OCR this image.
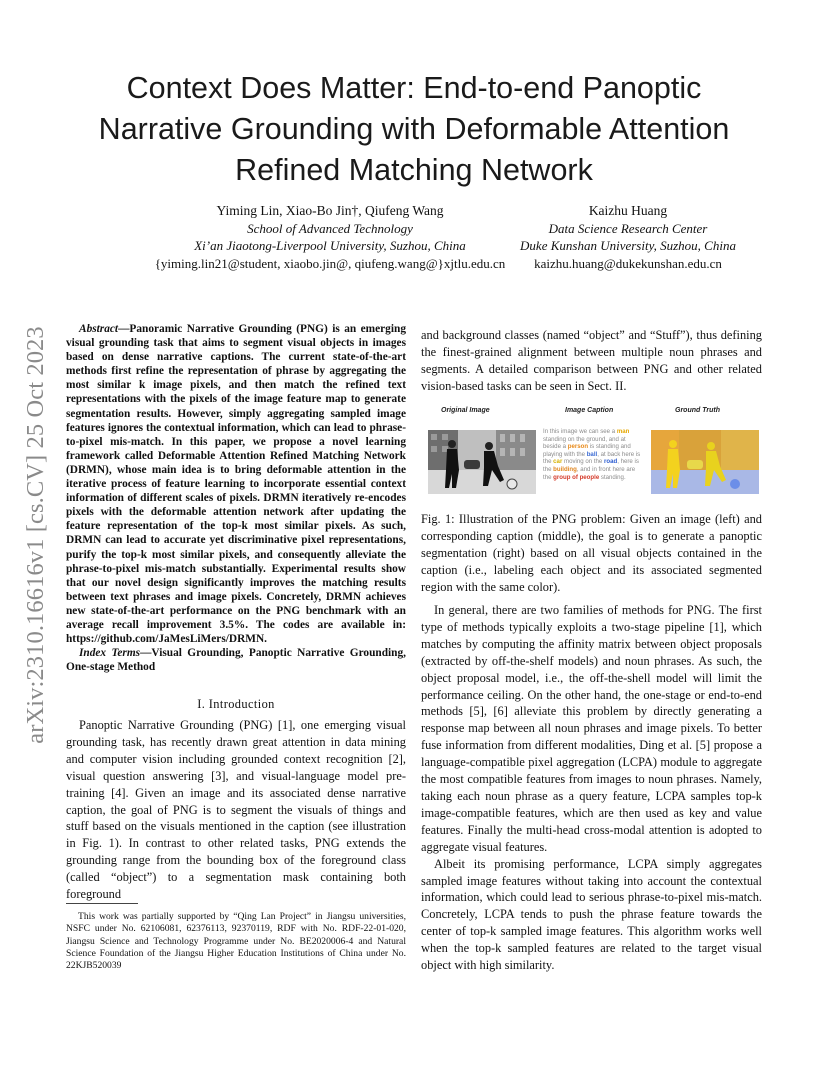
arXiv:2310.16616v1 [cs.CV] 25 Oct 2023
Context Does Matter: End-to-end Panoptic
Narrative Grounding with Deformable Attention
Refined Matching Network
Yiming Lin, Xiao-Bo Jin†, Qiufeng Wang
School of Advanced Technology
Xi’an Jiaotong-Liverpool University, Suzhou, China
{yiming.lin21@student, xiaobo.jin@, qiufeng.wang@}xjtlu.edu.cn
Kaizhu Huang
Data Science Research Center
Duke Kunshan University, Suzhou, China
kaizhu.huang@dukekunshan.edu.cn

Abstract—Panoramic Narrative Grounding (PNG) is an emerging visual grounding task that aims to segment visual objects in images based on dense narrative captions. The current state-of-the-art methods first refine the representation of phrase by aggregating the most similar k image pixels, and then match the refined text representations with the pixels of the image feature map to generate segmentation results. However, simply aggregating sampled image features ignores the contextual information, which can lead to phrase-to-pixel mis-match. In this paper, we propose a novel learning framework called Deformable Attention Refined Matching Network (DRMN), whose main idea is to bring deformable attention in the iterative process of feature learning to incorporate essential context information of different scales of pixels. DRMN iteratively re-encodes pixels with the deformable attention network after updating the feature representation of the top-k most similar pixels. As such, DRMN can lead to accurate yet discriminative pixel representations, purify the top-k most similar pixels, and consequently alleviate the phrase-to-pixel mis-match substantially. Experimental results show that our novel design significantly improves the matching results between text phrases and image pixels. Concretely, DRMN achieves new state-of-the-art performance on the PNG benchmark with an average recall improvement 3.5%. The codes are available in: https://github.com/JaMesLiMers/DRMN.

Index Terms—Visual Grounding, Panoptic Narrative Grounding, One-stage Method

I. Introduction

Panoptic Narrative Grounding (PNG) [1], one emerging visual grounding task, has recently drawn great attention in data mining and computer vision including grounded context recognition [2], visual question answering [3], and visual-language model pre-training [4]. Given an image and its associated dense narrative caption, the goal of PNG is to segment the visuals of things and stuff based on the visuals mentioned in the caption (see illustration in Fig. 1). In contrast to other related tasks, PNG extends the grounding range from the bounding box of the foreground class (called “object”) to a segmentation mask containing both foreground

This work was partially supported by “Qing Lan Project” in Jiangsu universities, NSFC under No. 62106081, 62376113, 92370119, RDF with No. RDF-22-01-020, Jiangsu Science and Technology Programme under No. BE2020006-4 and Natural Science Foundation of the Jiangsu Higher Education Institutions of China under No. 22KJB520039

and background classes (named “object” and “Stuff”), thus defining the finest-grained alignment between multiple noun phrases and segments. A detailed comparison between PNG and other related vision-based tasks can be seen in Sect. II.

Original Image	Image Caption	Ground Truth
In this image we can see a man standing on the ground, and at beside a person is standing and playing with the ball, at back here is the car moving on the road, here is the building, and in front here are the group of people standing.

Fig. 1: Illustration of the PNG problem: Given an image (left) and corresponding caption (middle), the goal is to generate a panoptic segmentation (right) based on all visual objects contained in the caption (i.e., labeling each object and its associated segmented region with the same color).

In general, there are two families of methods for PNG. The first type of methods typically exploits a two-stage pipeline [1], which matches by computing the affinity matrix between object proposals (extracted by off-the-shelf models) and noun phrases. As such, the object proposal model, i.e., the off-the-shell model will limit the performance ceiling. On the other hand, the one-stage or end-to-end methods [5], [6] alleviate this problem by directly generating a response map between all noun phrases and image pixels. To better fuse information from different modalities, Ding et al. [5] propose a language-compatible pixel aggregation (LCPA) module to aggregate the most compatible features from images to noun phrases. Namely, taking each noun phrase as a query feature, LCPA samples top-k image-compatible features, which are then used as key and value features. Finally the multi-head cross-modal attention is adopted to aggregate visual features.

Albeit its promising performance, LCPA simply aggregates sampled image features without taking into account the contextual information, which could lead to serious phrase-to-pixel mis-match. Concretely, LCPA tends to push the phrase feature towards the center of top-k sampled image features. This algorithm works well when the top-k sampled features are related to the target visual object with high similarity.
